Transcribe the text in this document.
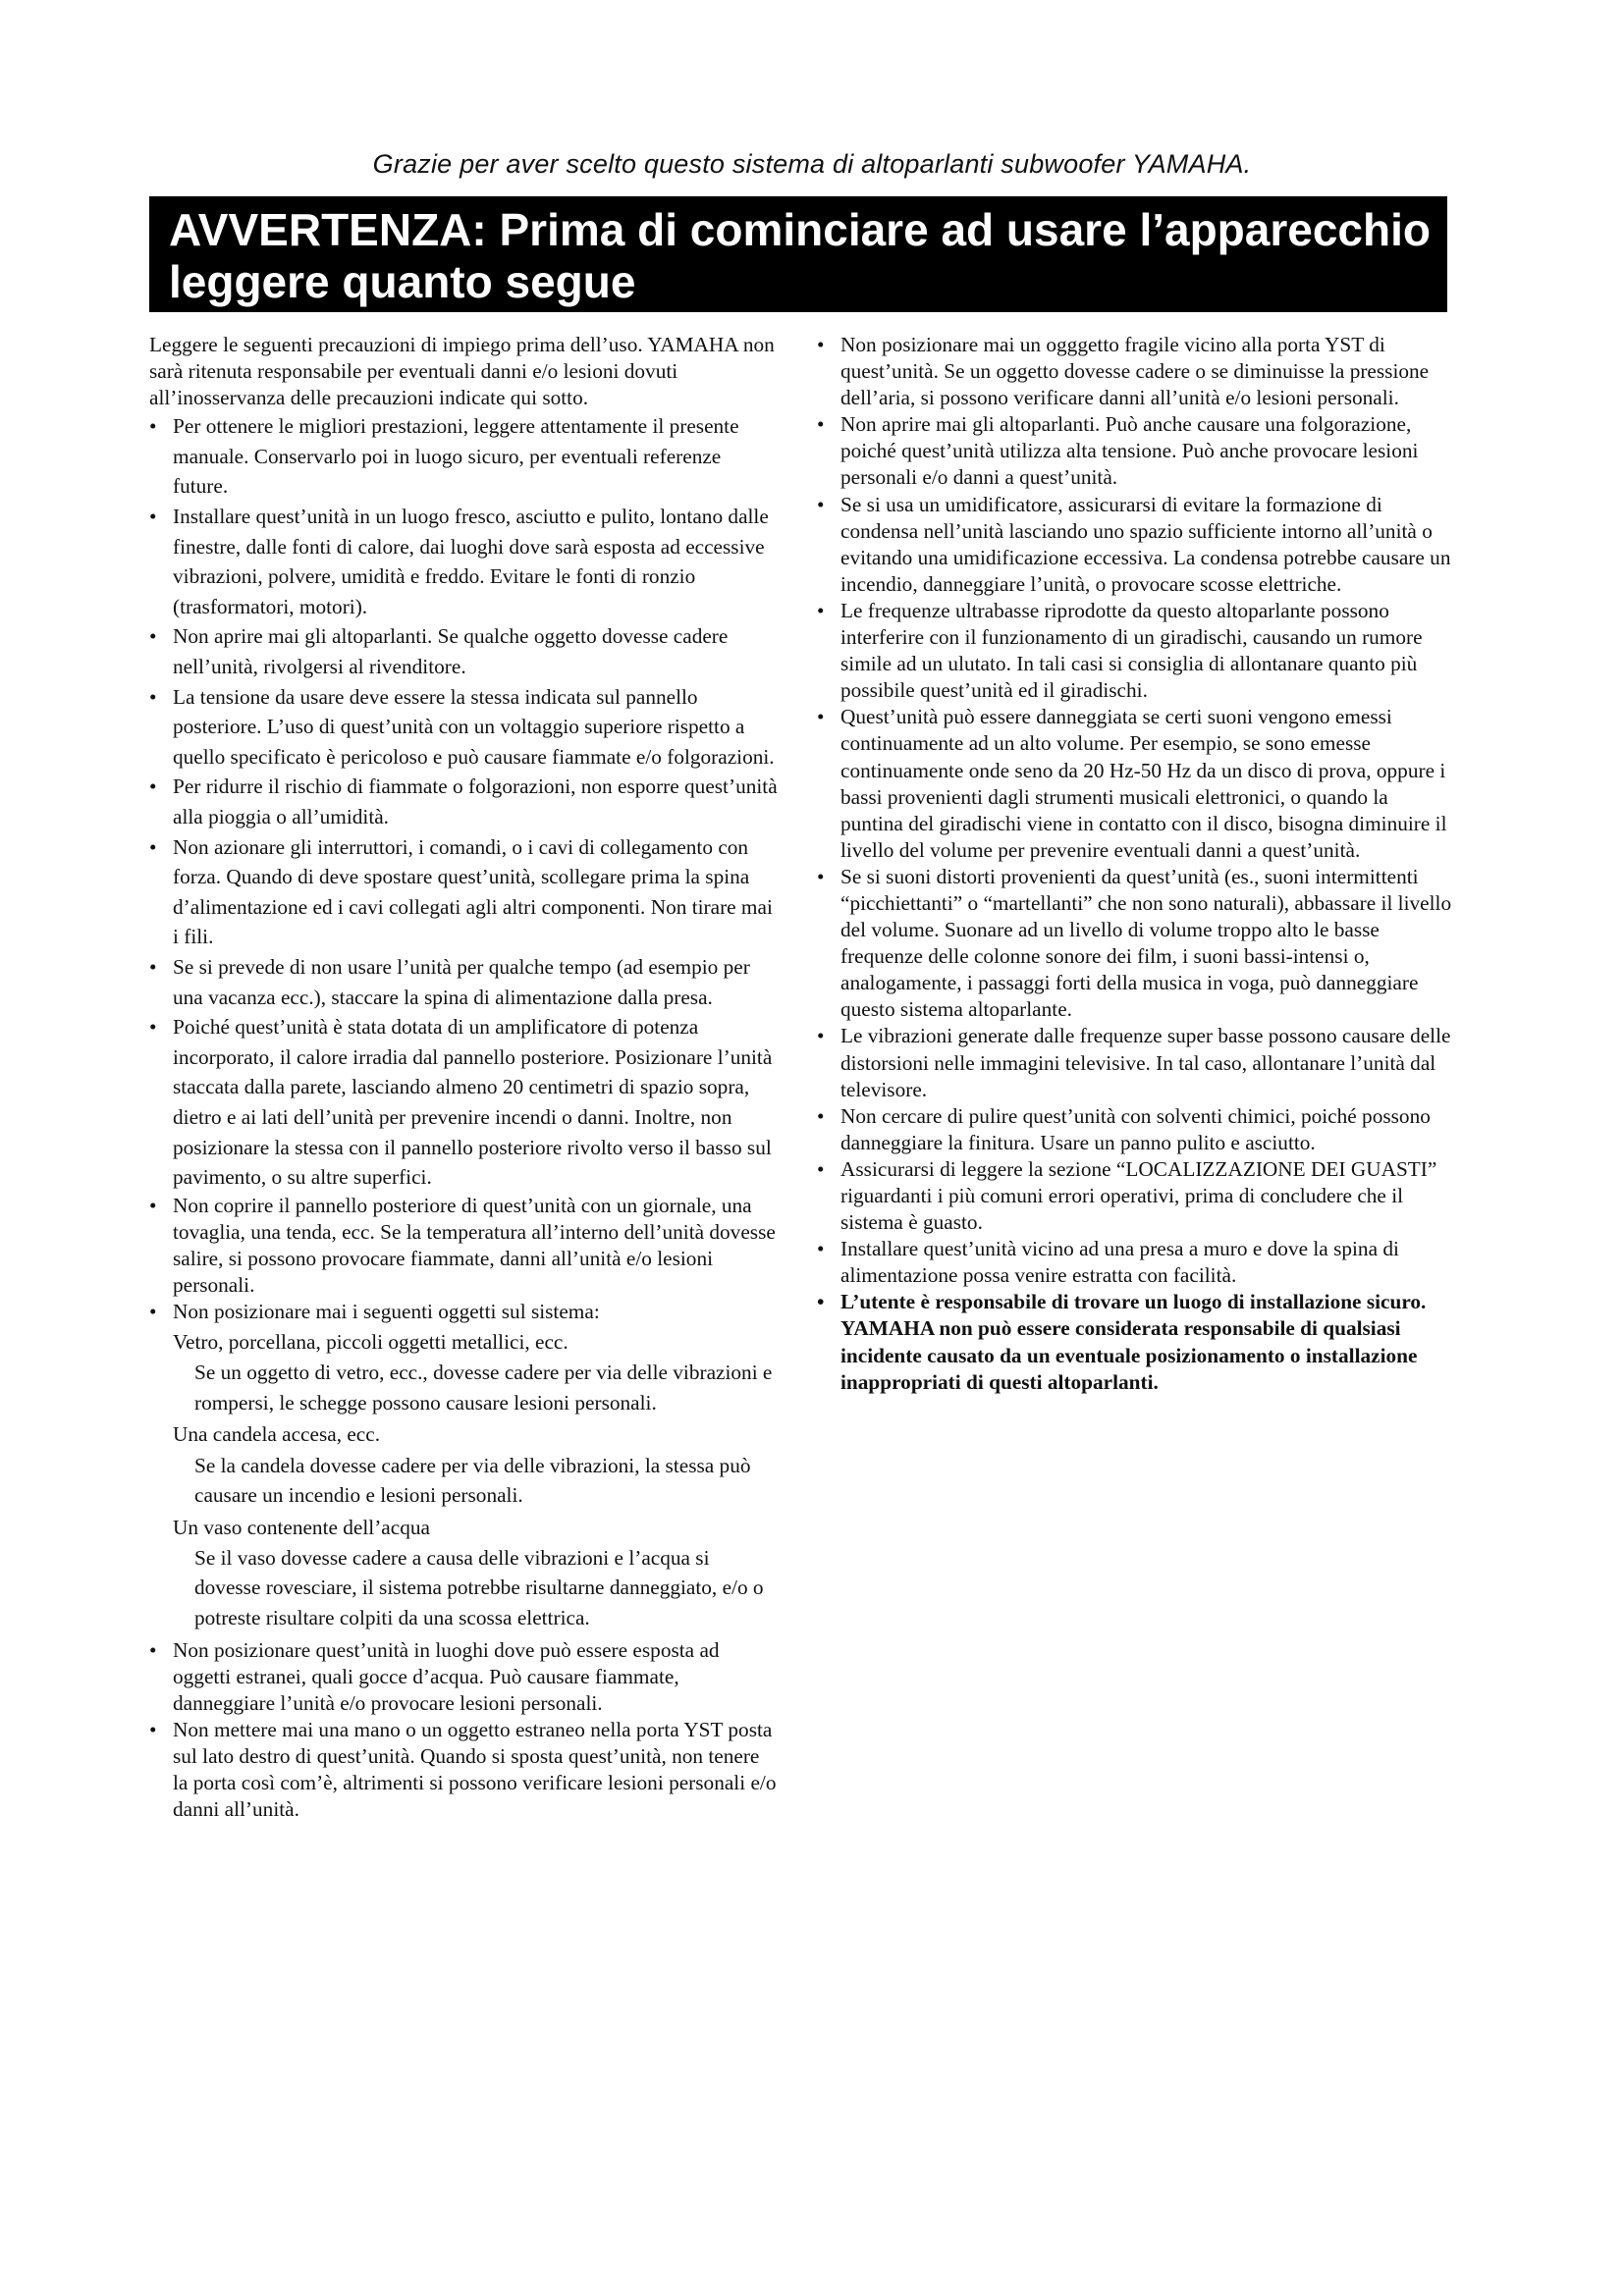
Grazie per aver scelto questo sistema di altoparlanti subwoofer YAMAHA.
AVVERTENZA: Prima di cominciare ad usare l’apparecchio
leggere quanto segue

Leggere le seguenti precauzioni di impiego prima dell’uso. YAMAHA non sarà ritenuta responsabile per eventuali danni e/o lesioni dovuti all’inosservanza delle precauzioni indicate qui sotto.

• Per ottenere le migliori prestazioni, leggere attentamente il presente manuale. Conservarlo poi in luogo sicuro, per eventuali referenze future.
• Installare quest’unità in un luogo fresco, asciutto e pulito, lontano dalle finestre, dalle fonti di calore, dai luoghi dove sarà esposta ad eccessive vibrazioni, polvere, umidità e freddo. Evitare le fonti di ronzio (trasformatori, motori).
• Non aprire mai gli altoparlanti. Se qualche oggetto dovesse cadere nell’unità, rivolgersi al rivenditore.
• La tensione da usare deve essere la stessa indicata sul pannello posteriore. L’uso di quest’unità con un voltaggio superiore rispetto a quello specificato è pericoloso e può causare fiammate e/o folgorazioni.
• Per ridurre il rischio di fiammate o folgorazioni, non esporre quest’unità alla pioggia o all’umidità.
• Non azionare gli interruttori, i comandi, o i cavi di collegamento con forza. Quando di deve spostare quest’unità, scollegare prima la spina d’alimentazione ed i cavi collegati agli altri componenti. Non tirare mai i fili.
• Se si prevede di non usare l’unità per qualche tempo (ad esempio per una vacanza ecc.), staccare la spina di alimentazione dalla presa.
• Poiché quest’unità è stata dotata di un amplificatore di potenza incorporato, il calore irradia dal pannello posteriore. Posizionare l’unità staccata dalla parete, lasciando almeno 20 centimetri di spazio sopra, dietro e ai lati dell’unità per prevenire incendi o danni. Inoltre, non posizionare la stessa con il pannello posteriore rivolto verso il basso sul pavimento, o su altre superfici.
• Non coprire il pannello posteriore di quest’unità con un giornale, una tovaglia, una tenda, ecc. Se la temperatura all’interno dell’unità dovesse salire, si possono provocare fiammate, danni all’unità e/o lesioni personali.
• Non posizionare mai i seguenti oggetti sul sistema:
Vetro, porcellana, piccoli oggetti metallici, ecc.
Se un oggetto di vetro, ecc., dovesse cadere per via delle vibrazioni e rompersi, le schegge possono causare lesioni personali.
Una candela accesa, ecc.
Se la candela dovesse cadere per via delle vibrazioni, la stessa può causare un incendio e lesioni personali.
Un vaso contenente dell’acqua
Se il vaso dovesse cadere a causa delle vibrazioni e l’acqua si dovesse rovesciare, il sistema potrebbe risultarne danneggiato, e/o o potreste risultare colpiti da una scossa elettrica.
• Non posizionare quest’unità in luoghi dove può essere esposta ad oggetti estranei, quali gocce d’acqua. Può causare fiammate, danneggiare l’unità e/o provocare lesioni personali.
• Non mettere mai una mano o un oggetto estraneo nella porta YST posta sul lato destro di quest’unità. Quando si sposta quest’unità, non tenere la porta così com’è, altrimenti si possono verificare lesioni personali e/o danni all’unità.
• Non posizionare mai un ogggetto fragile vicino alla porta YST di quest’unità. Se un oggetto dovesse cadere o se diminuisse la pressione dell’aria, si possono verificare danni all’unità e/o lesioni personali.
• Non aprire mai gli altoparlanti. Può anche causare una folgorazione, poiché quest’unità utilizza alta tensione. Può anche provocare lesioni personali e/o danni a quest’unità.
• Se si usa un umidificatore, assicurarsi di evitare la formazione di condensa nell’unità lasciando uno spazio sufficiente intorno all’unità o evitando una umidificazione eccessiva. La condensa potrebbe causare un incendio, danneggiare l’unità, o provocare scosse elettriche.
• Le frequenze ultrabasse riprodotte da questo altoparlante possono interferire con il funzionamento di un giradischi, causando un rumore simile ad un ulutato. In tali casi si consiglia di allontanare quanto più possibile quest’unità ed il giradischi.
• Quest’unità può essere danneggiata se certi suoni vengono emessi continuamente ad un alto volume. Per esempio, se sono emesse continuamente onde seno da 20 Hz-50 Hz da un disco di prova, oppure i bassi provenienti dagli strumenti musicali elettronici, o quando la puntina del giradischi viene in contatto con il disco, bisogna diminuire il livello del volume per prevenire eventuali danni a quest’unità.
• Se si suoni distorti provenienti da quest’unità (es., suoni intermittenti “picchiettanti” o “martellanti” che non sono naturali), abbassare il livello del volume. Suonare ad un livello di volume troppo alto le basse frequenze delle colonne sonore dei film, i suoni bassi-intensi o, analogamente, i passaggi forti della musica in voga, può danneggiare questo sistema altoparlante.
• Le vibrazioni generate dalle frequenze super basse possono causare delle distorsioni nelle immagini televisive. In tal caso, allontanare l’unità dal televisore.
• Non cercare di pulire quest’unità con solventi chimici, poiché possono danneggiare la finitura. Usare un panno pulito e asciutto.
• Assicurarsi di leggere la sezione “LOCALIZZAZIONE DEI GUASTI” riguardanti i più comuni errori operativi, prima di concludere che il sistema è guasto.
• Installare quest’unità vicino ad una presa a muro e dove la spina di alimentazione possa venire estratta con facilità.
• L’utente è responsabile di trovare un luogo di installazione sicuro. YAMAHA non può essere considerata responsabile di qualsiasi incidente causato da un eventuale posizionamento o installazione inappropriati di questi altoparlanti.
